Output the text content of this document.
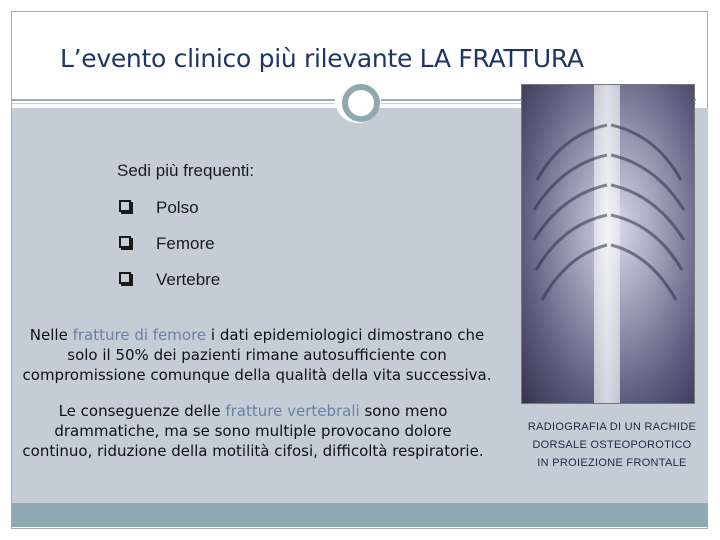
L’evento clinico più rilevante LA FRATTURA
Sedi più frequenti:
Polso
Femore
Vertebre
Nelle fratture di femore i dati epidemiologici dimostrano che solo il 50% dei pazienti rimane autosufficiente con compromissione comunque della qualità della vita successiva.
Le conseguenze delle fratture vertebrali sono meno drammatiche, ma se sono multiple provocano dolore continuo, riduzione della motilità cifosi, difficoltà respiratorie.
RADIOGRAFIA DI UN RACHIDE DORSALE OSTEOPOROTICO IN PROIEZIONE FRONTALE
